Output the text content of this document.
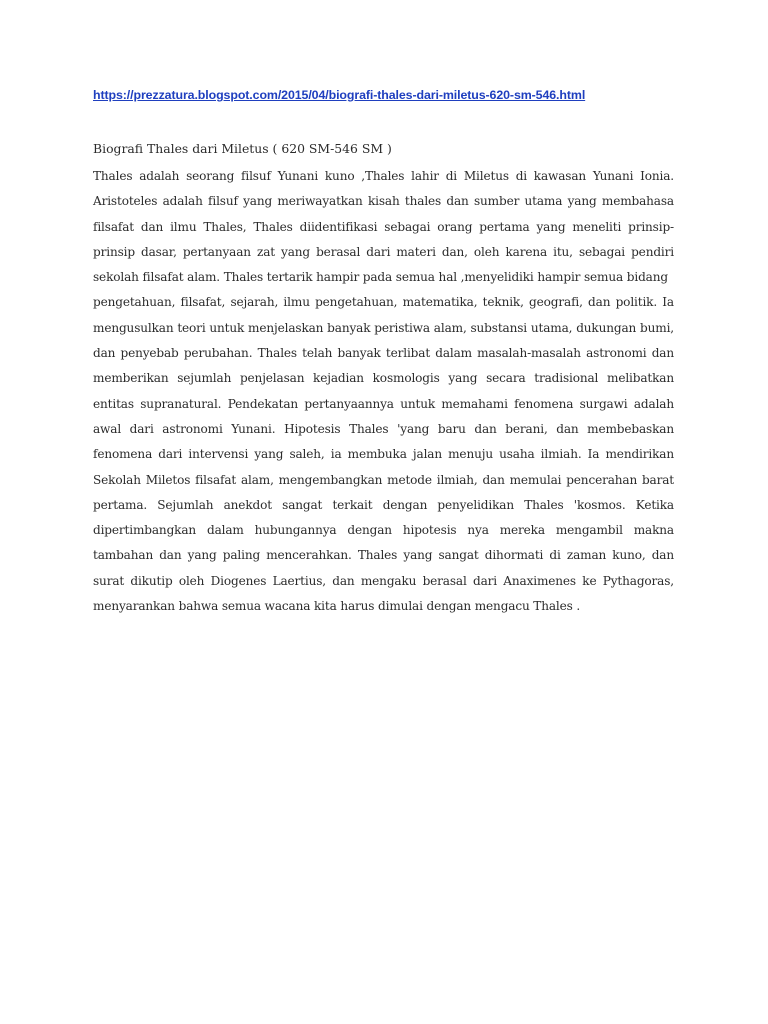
https://prezzatura.blogspot.com/2015/04/biografi-thales-dari-miletus-620-sm-546.html
Biografi Thales dari Miletus ( 620 SM-546 SM )

Thales adalah seorang filsuf Yunani kuno ,Thales lahir di Miletus di kawasan Yunani Ionia. Aristoteles adalah filsuf yang meriwayatkan kisah thales dan sumber utama yang membahasa filsafat dan ilmu Thales, Thales diidentifikasi sebagai orang pertama yang meneliti prinsip-prinsip dasar, pertanyaan zat yang berasal dari materi dan, oleh karena itu, sebagai pendiri sekolah filsafat alam. Thales tertarik hampir pada semua hal ,menyelidiki hampir semua bidang

pengetahuan, filsafat, sejarah, ilmu pengetahuan, matematika, teknik, geografi, dan politik. Ia mengusulkan teori untuk menjelaskan banyak peristiwa alam, substansi utama, dukungan bumi, dan penyebab perubahan. Thales telah banyak terlibat dalam masalah-masalah astronomi dan memberikan sejumlah penjelasan kejadian kosmologis yang secara tradisional melibatkan entitas supranatural. Pendekatan pertanyaannya untuk memahami fenomena surgawi adalah awal dari astronomi Yunani. Hipotesis Thales 'yang baru dan berani, dan membebaskan fenomena dari intervensi yang saleh, ia membuka jalan menuju usaha ilmiah. Ia mendirikan Sekolah Miletos filsafat alam, mengembangkan metode ilmiah, dan memulai pencerahan barat pertama. Sejumlah anekdot sangat terkait dengan penyelidikan Thales 'kosmos. Ketika dipertimbangkan dalam hubungannya dengan hipotesis nya mereka mengambil makna tambahan dan yang paling mencerahkan. Thales yang sangat dihormati di zaman kuno, dan surat dikutip oleh Diogenes Laertius, dan mengaku berasal dari Anaximenes ke Pythagoras, menyarankan bahwa semua wacana kita harus dimulai dengan mengacu Thales .
